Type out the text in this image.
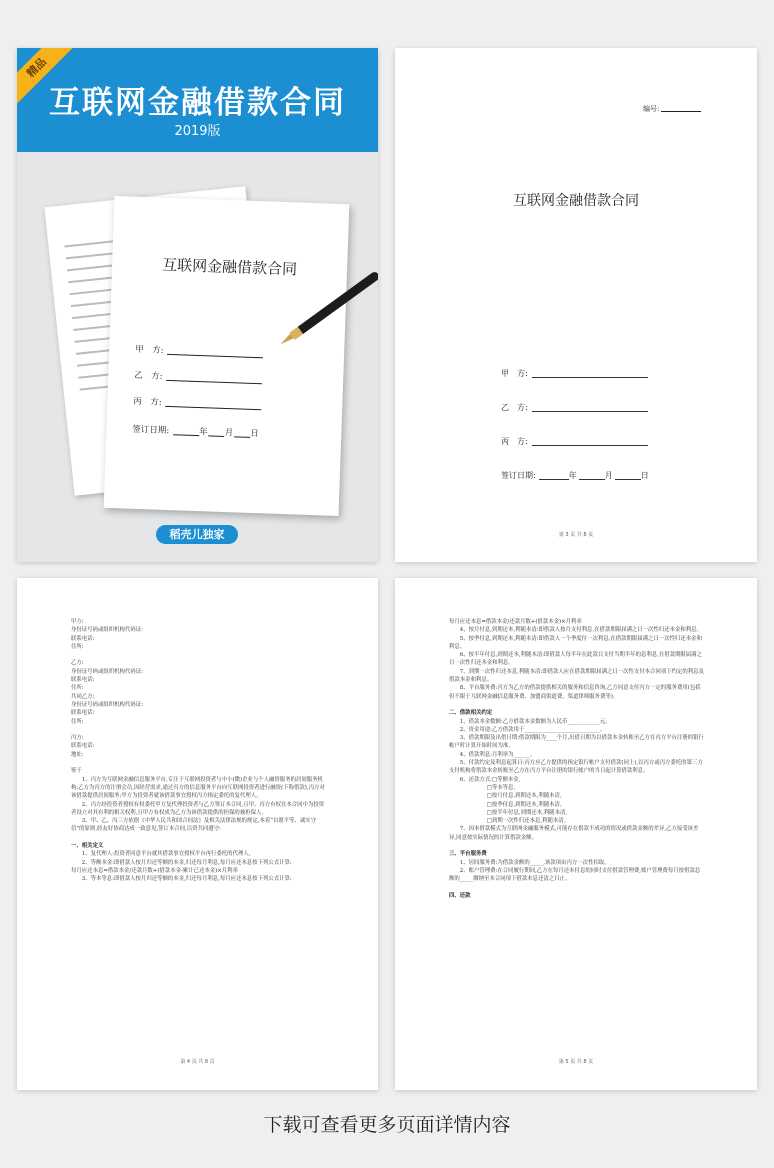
精品
互联网金融借款合同
2019版
互联网金融借款合同
甲　方:
乙　方:
丙　方:
签订日期:	年 月 日
稻壳儿独家
编号:
互联网金融借款合同
甲　方:
乙　方:
丙　方:
签订日期:	年	月	日
第 3 页 共 8 页

甲方:

身份证号码或组织机构代码证:

联系电话:

住所:

乙方:

身份证号码或组织机构代码证:

联系电话:

住所:

共同乙方:

身份证号码或组织机构代码证:

联系电话:

住所:

丙方:

联系电话:

地址:

鉴于

　　1、丙方为互联网金融信息服务平台,专注于互联网投资者与中小(微)企业与个人融资服务的居间服务机构;乙方为丙方的注册会员,因经营需求,通过丙方的信息服务平台向互联网投资者进行融资(下称借款),丙方对该借款提供居间服务;甲方为投资者就该借款事宜授权丙方指定委托的复代理人。

　　2、丙方经投资者授权有权委托甲方复代理投资者与乙方签订本合同,且甲、丙方有权在本合同中为投资者设立对其有利的相关权利,且甲方有权成为乙方为该借款提供的担保的被担保人。

　　3、甲、乙、丙三方依据《中华人民共和国合同法》及相关法律法规的规定,本着“自愿平等、诚实守信”的原则,经友好协商达成一致意见,签订本合同,以资共同遵守:

一、相关定义

　　1、复代理人:投资者同意平台就其借款事宜授权平台再行委托的代理人。

　　2、等额本金:即借款人按月归还等额的本金,归还每月利息,每月应还本息按下列公式计算:

每月应还本息=借款本金/还款月数+(借款本金-累计已还本金)×月利率

　　3、等本等息:即借款人按月归还等额的本金,归还每月利息,每月应还本息按下列公式计算:

第 4 页 共 8 页

每月应还本息=借款本金/还款月数+(借款本金)×月利率

　　4、按月付息,到期还本,利随本清:即借款人按月支付利息,在借款期限届满之日一次性归还本金和利息。

　　5、按季付息,到期还本,利随本清:即借款人一个季度付一次利息,在借款期限届满之日一次性归还本金和利息。

　　6、按半年付息,到期还本,利随本清:即借款人每半年在此款日支付当期半年的息利息,在借款期限届满之日一次性归还本金和利息。

　　7、到期一次性归还本息,利随本清:即借款人应在借款期限届满之日一次性支付本合同项下约定的利息及借款本金和利息。

　　8、平台服务费:丙方为乙方的借款提供相关的服务和信息咨询,乙方同意支付丙方一定的服务费用(包括但不限于互联网金融信息服务费、加盟商渠道费、渠道律师服务费等)。

二、借款相关约定

　　1、借款本金数额:乙方借款本金数额为人民币____________元。

　　2、资金用途:乙方借款用于____________________________。

　　3、借款期限及出借日期:借款期限为____个月,出借日期为以借款本金转账至乙方在丙方平台注册的银行帐户时计算开始时间为准。

　　4、借款利息:月利率为______。

　　5、付款约定及利息起算日:丙方应乙方提供的指定银行帐户支付借款(同上),以丙方或丙方委托的第三方支付机构将借款本金转账至乙方在丙方平台注册的银行帐户的当日起计算借款利息。

　　6、还款方式:□等额本金,

　　　　　　　□等本等息,

　　　　　　　□按月付息,到期还本,利随本清,

　　　　　　　□按季付息,到期还本,利随本清,

　　　　　　　□按半年付息,到期还本,利随本清,

　　　　　　　□到期一次性归还本息,利随本清。

　　7、因本借款模式为互联网金融服务模式,可能存在借款不成功的情况或借款金额的差异,乙方接受该差异,同意按实际情况的计算借款金额。

三、平台服务费

　　1、居间服务费:为借款金额的_____,该款项由丙方一次性扣取。

　　2、账户管理费:在合同履行期间,乙方在每月还本付息的同时支付借款管理费,账户管理费每月按借款总额的_____缴纳至本合同项下借款本息还清之日止。

四、还款

第 5 页 共 8 页
下载可查看更多页面详情内容
